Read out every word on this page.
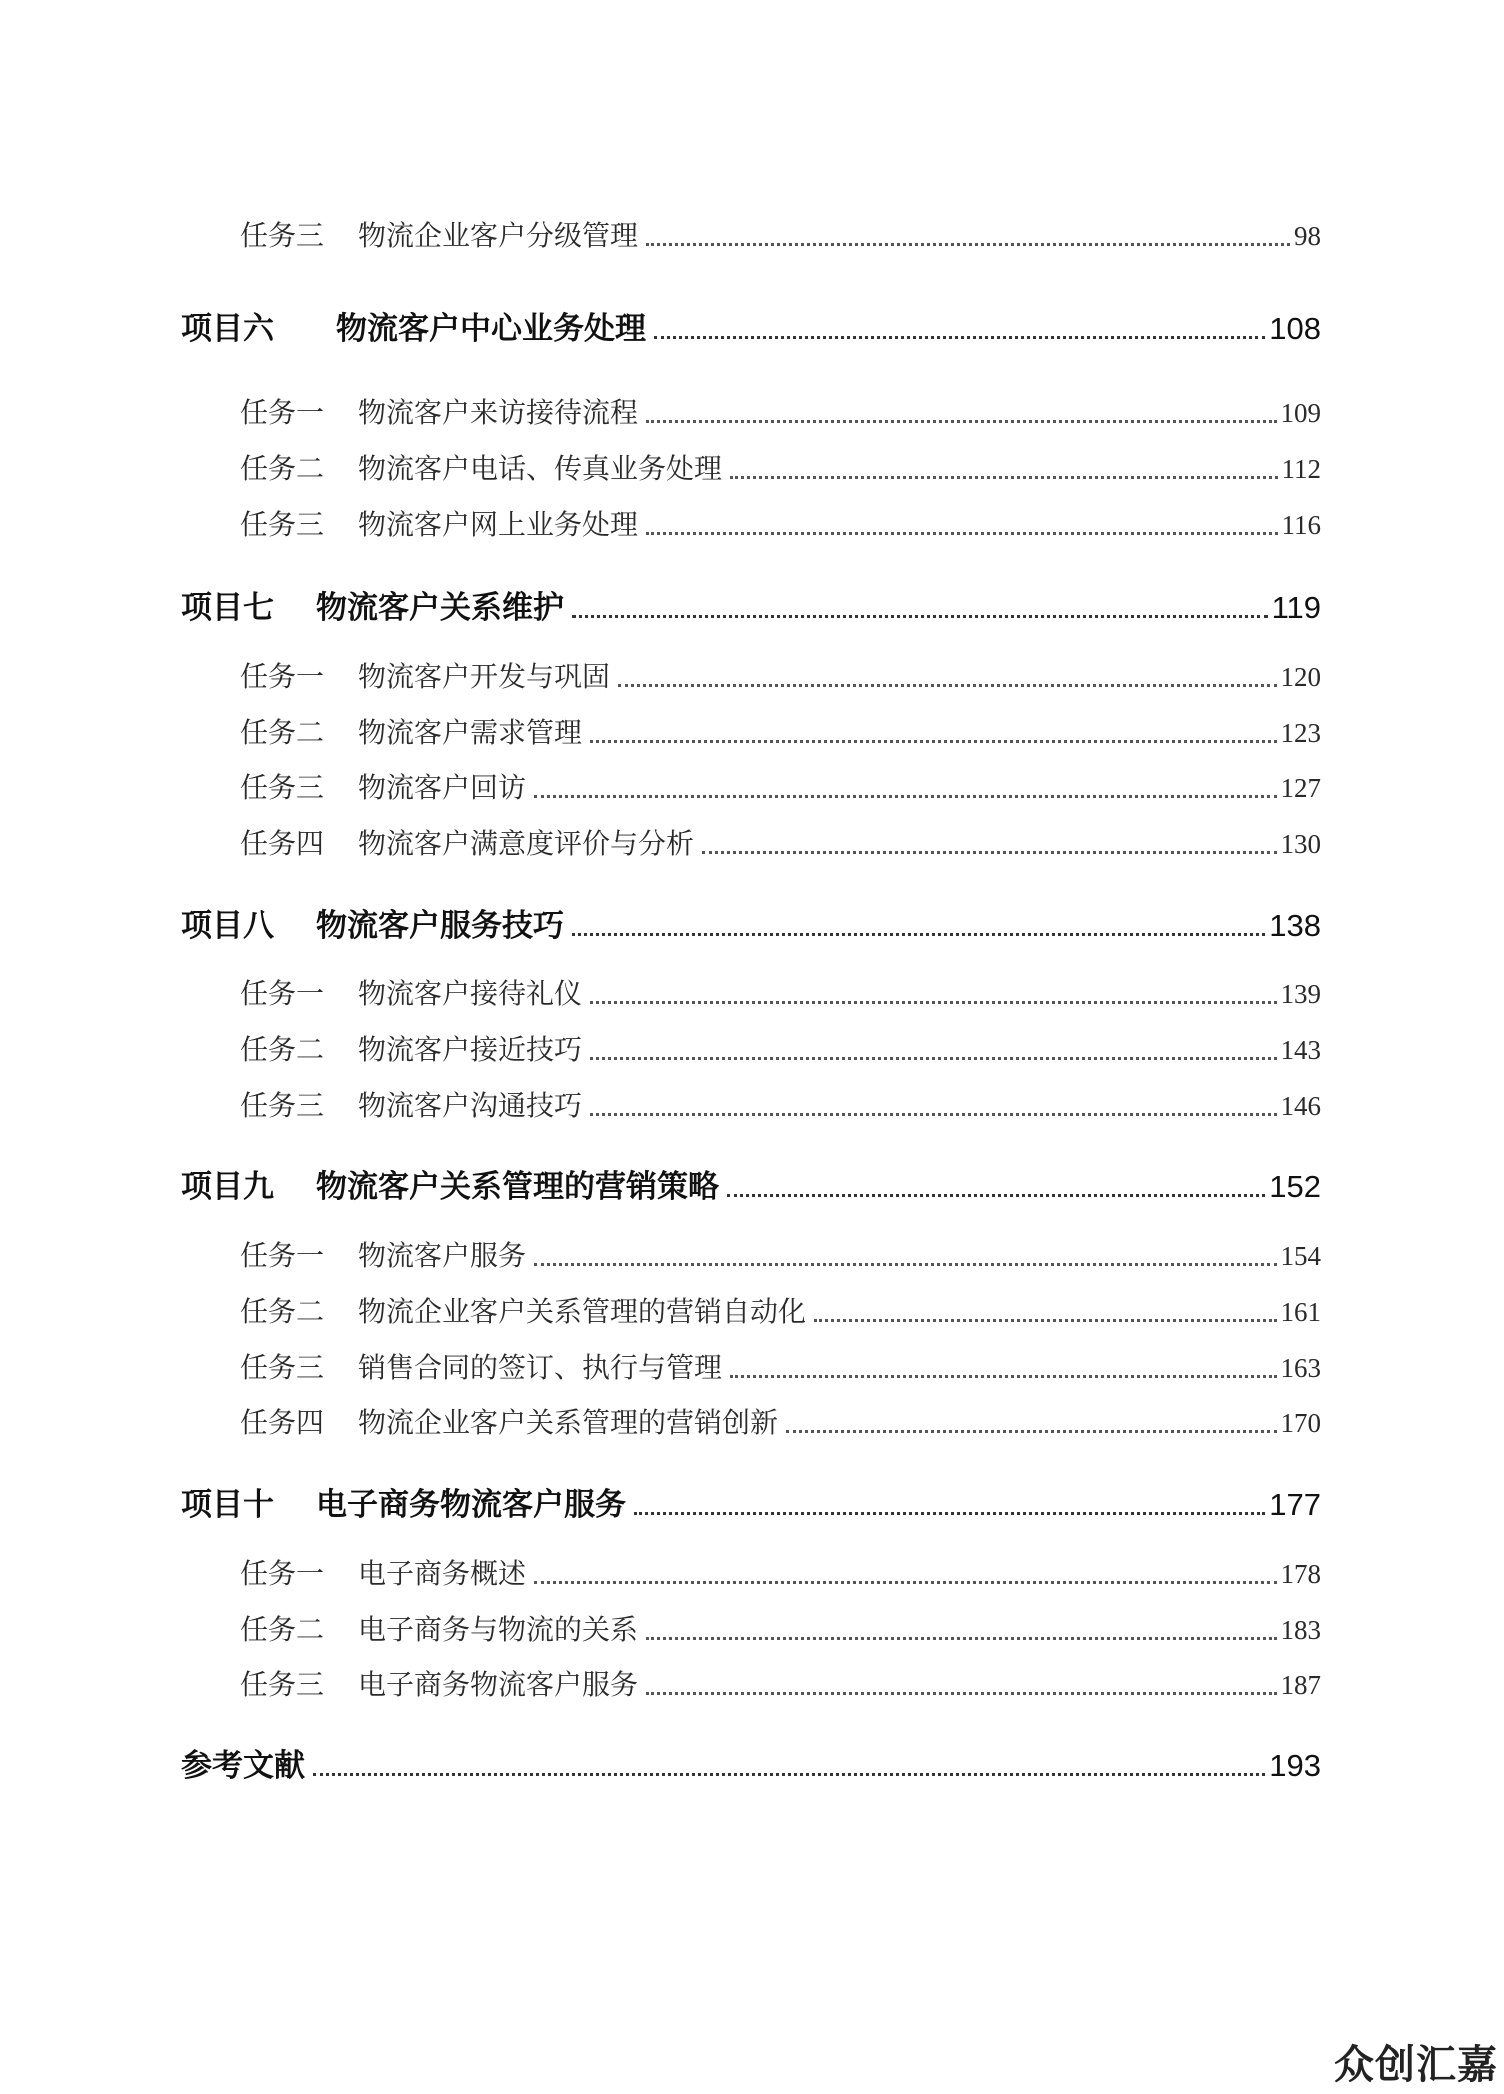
任务三	物流企业客户分级管理	98
项目六	物流客户中心业务处理	108
任务一	物流客户来访接待流程	109
任务二	物流客户电话、传真业务处理	112
任务三	物流客户网上业务处理	116
项目七	物流客户关系维护	119
任务一	物流客户开发与巩固	120
任务二	物流客户需求管理	123
任务三	物流客户回访	127
任务四	物流客户满意度评价与分析	130
项目八	物流客户服务技巧	138
任务一	物流客户接待礼仪	139
任务二	物流客户接近技巧	143
任务三	物流客户沟通技巧	146
项目九	物流客户关系管理的营销策略	152
任务一	物流客户服务	154
任务二	物流企业客户关系管理的营销自动化	161
任务三	销售合同的签订、执行与管理	163
任务四	物流企业客户关系管理的营销创新	170
项目十	电子商务物流客户服务	177
任务一	电子商务概述	178
任务二	电子商务与物流的关系	183
任务三	电子商务物流客户服务	187
参考文献	193
众创汇嘉
